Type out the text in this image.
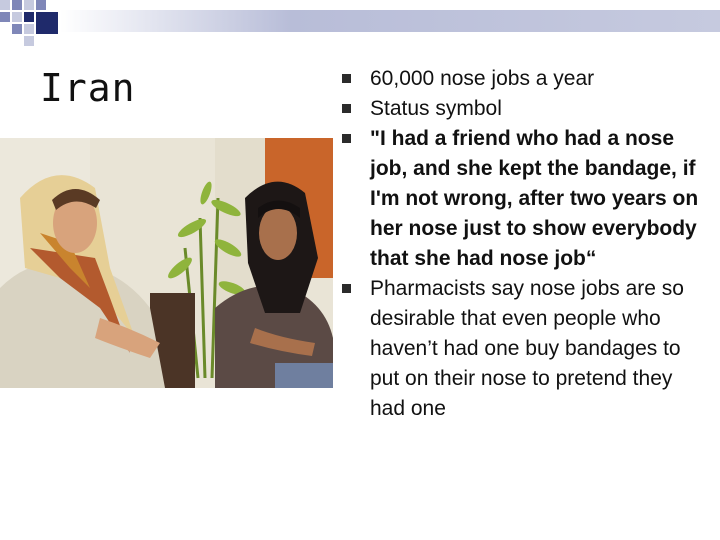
Iran	60,000 nose jobs a year
Status symbol
"I had a friend who had a nose job, and she kept the bandage, if I'm not wrong, after two years on her nose just to show everybody that she had nose job“
Pharmacists say nose jobs are so desirable that even people who haven’t had one buy bandages to put on their nose to pretend they had one
